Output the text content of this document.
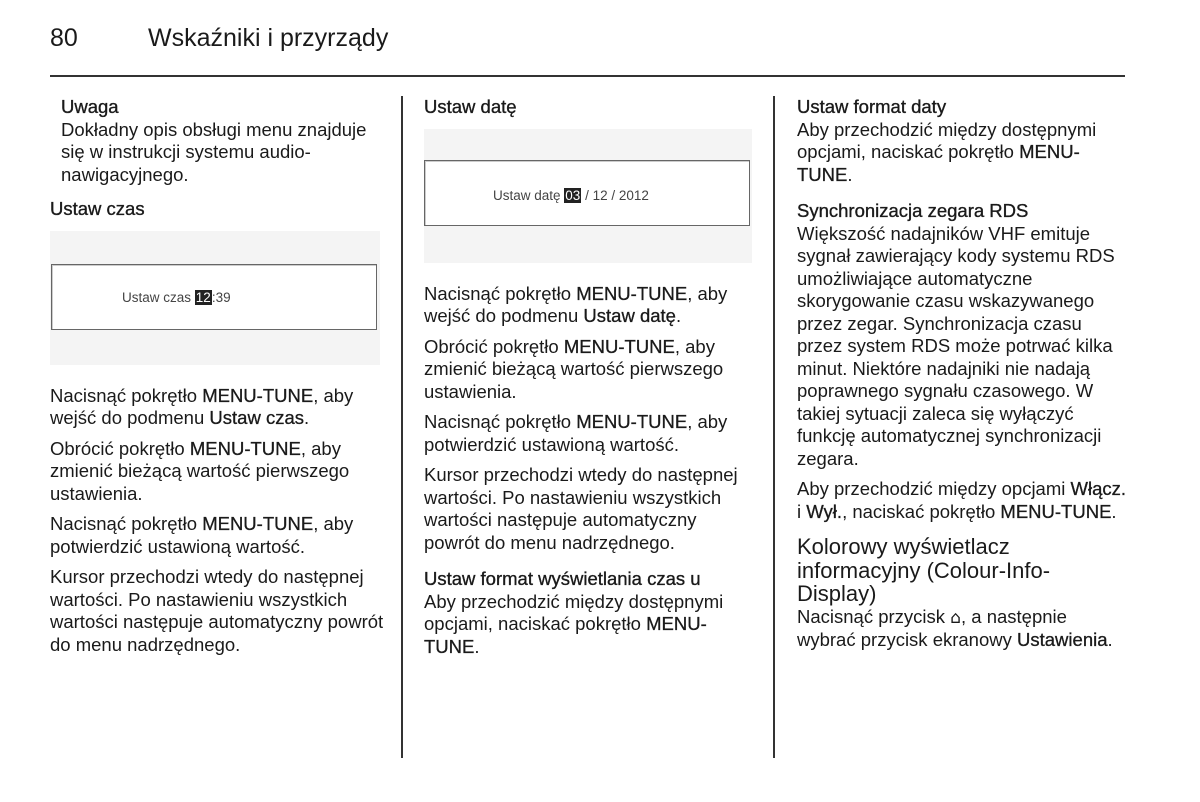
80	Wskaźniki i przyrządy
Uwaga
Dokładny opis obsługi menu znajduje się w instrukcji systemu audio-nawigacyjnego.
Ustaw czas
Ustaw czas 12:39

Nacisnąć pokrętło MENU-TUNE, aby wejść do podmenu Ustaw czas.

Obrócić pokrętło MENU-TUNE, aby zmienić bieżącą wartość pierwszego ustawienia.

Nacisnąć pokrętło MENU-TUNE, aby potwierdzić ustawioną wartość.

Kursor przechodzi wtedy do następnej wartości. Po nastawieniu wszystkich wartości następuje automatyczny powrót do menu nadrzędnego.

Ustaw datę
Ustaw datę 03 / 12 / 2012

Nacisnąć pokrętło MENU-TUNE, aby wejść do podmenu Ustaw datę.

Obrócić pokrętło MENU-TUNE, aby zmienić bieżącą wartość pierwszego ustawienia.

Nacisnąć pokrętło MENU-TUNE, aby potwierdzić ustawioną wartość.

Kursor przechodzi wtedy do następnej wartości. Po nastawieniu wszystkich wartości następuje automatyczny powrót do menu nadrzędnego.

Ustaw format wyświetlania czas u

Aby przechodzić między dostępnymi opcjami, naciskać pokrętło MENU-TUNE.

Ustaw format daty

Aby przechodzić między dostępnymi opcjami, naciskać pokrętło MENU-TUNE.

Synchronizacja zegara RDS

Większość nadajników VHF emituje sygnał zawierający kody systemu RDS umożliwiające automatyczne skorygowanie czasu wskazywanego przez zegar. Synchronizacja czasu przez system RDS może potrwać kilka minut. Niektóre nadajniki nie nadają poprawnego sygnału czasowego. W takiej sytuacji zaleca się wyłączyć funkcję automatycznej synchronizacji zegara.

Aby przechodzić między opcjami Włącz. i Wył., naciskać pokrętło MENU-TUNE.

Kolorowy wyświetlacz informacyjny (Colour-Info-Display)

Nacisnąć przycisk ⌂, a następnie wybrać przycisk ekranowy Ustawienia.
